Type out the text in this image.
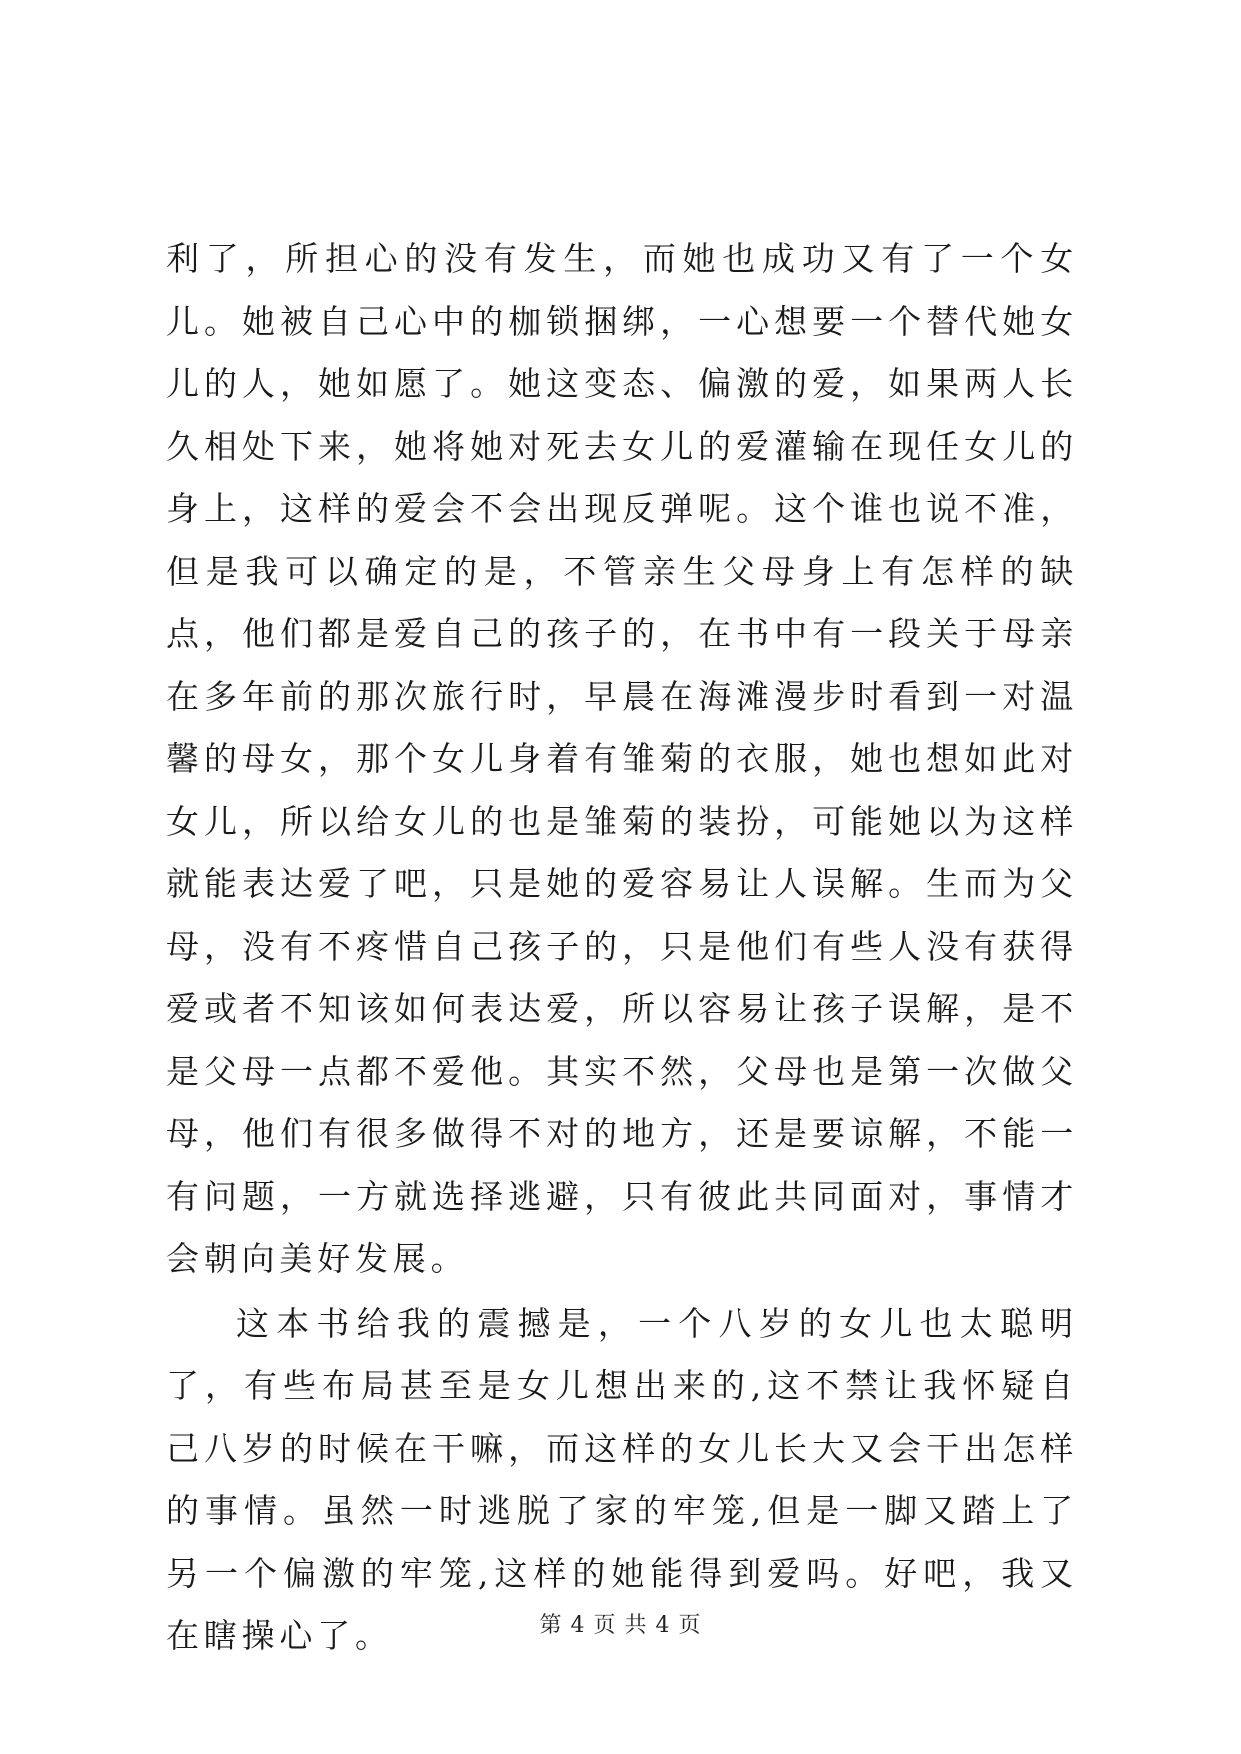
利了，所担心的没有发生，而她也成功又有了一个女儿。她被自己心中的枷锁捆绑，一心想要一个替代她女儿的人，她如愿了。她这变态、偏激的爱，如果两人长久相处下来，她将她对死去女儿的爱灌输在现任女儿的身上，这样的爱会不会出现反弹呢。这个谁也说不准，但是我可以确定的是，不管亲生父母身上有怎样的缺点，他们都是爱自己的孩子的，在书中有一段关于母亲在多年前的那次旅行时，早晨在海滩漫步时看到一对温馨的母女，那个女儿身着有雏菊的衣服，她也想如此对女儿，所以给女儿的也是雏菊的装扮，可能她以为这样就能表达爱了吧，只是她的爱容易让人误解。生而为父母，没有不疼惜自己孩子的，只是他们有些人没有获得爱或者不知该如何表达爱，所以容易让孩子误解，是不是父母一点都不爱他。其实不然，父母也是第一次做父母，他们有很多做得不对的地方，还是要谅解，不能一有问题，一方就选择逃避，只有彼此共同面对，事情才会朝向美好发展。

这本书给我的震撼是，一个八岁的女儿也太聪明了，有些布局甚至是女儿想出来的,这不禁让我怀疑自己八岁的时候在干嘛，而这样的女儿长大又会干出怎样的事情。虽然一时逃脱了家的牢笼,但是一脚又踏上了另一个偏激的牢笼,这样的她能得到爱吗。好吧，我又在瞎操心了。	第 4 页 共 4 页
